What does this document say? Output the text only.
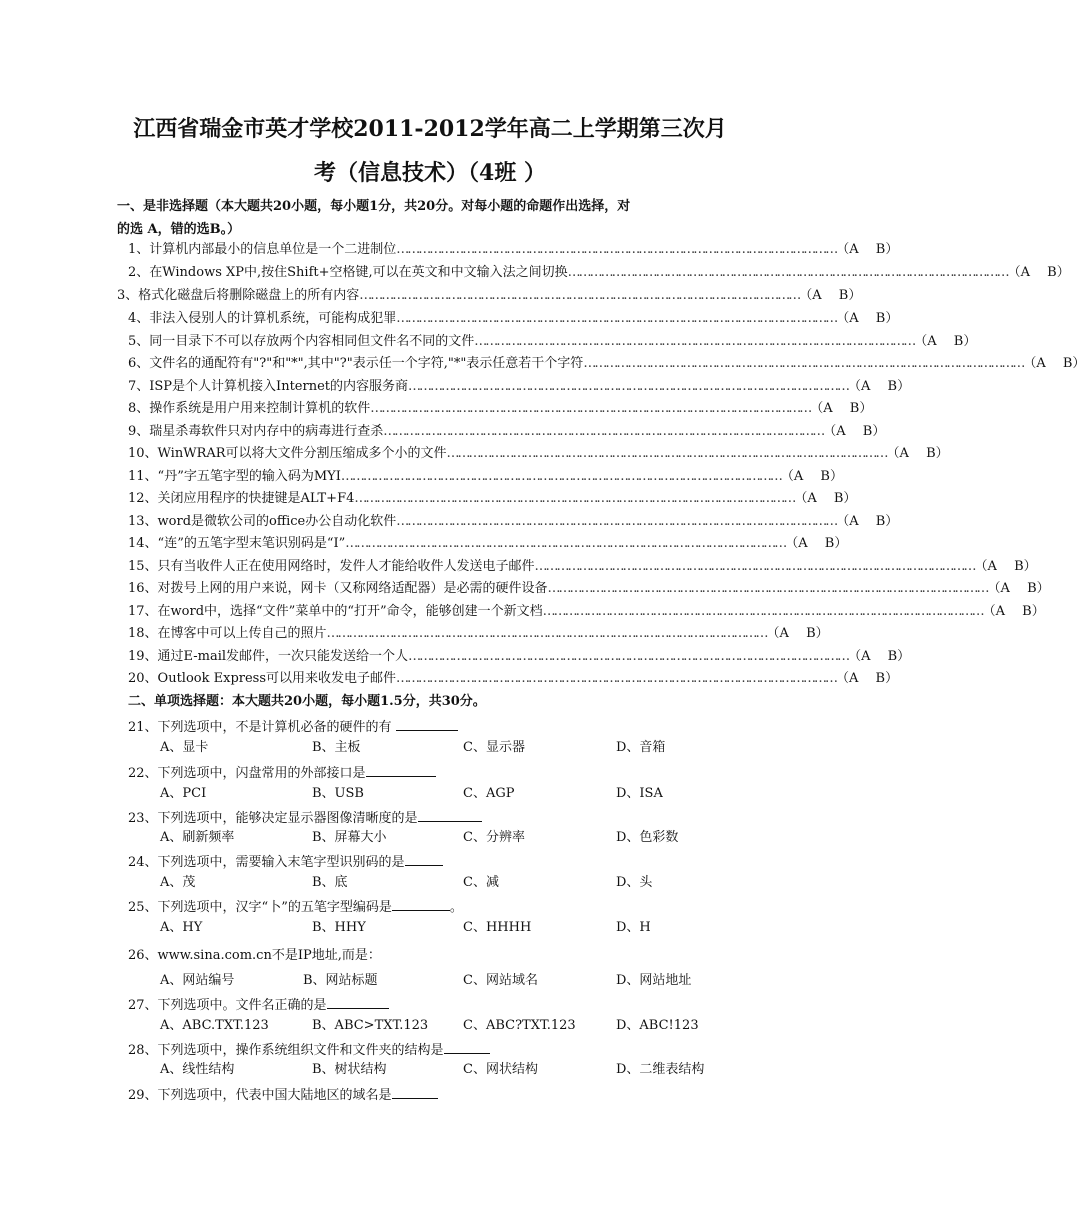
江西省瑞金市英才学校2011-2012学年高二上学期第三次月
考（信息技术）（4班 ）
一、是非选择题（本大题共20小题，每小题1分，共20分。对每小题的命题作出选择，对
的选 A，错的选B。）
1、计算机内部最小的信息单位是一个二进制位 ………………………………………………………………………………………………………… （A　 B）
2、在Windows XP中,按住Shift+空格键,可以在英文和中文输入法之间切换 ………………………………………………………………………………………………………… （A　 B）
3、格式化磁盘后将删除磁盘上的所有内容 ………………………………………………………………………………………………………… （A　 B）
4、非法入侵别人的计算机系统，可能构成犯罪 ………………………………………………………………………………………………………… （A　 B）
5、同一目录下不可以存放两个内容相同但文件名不同的文件 ………………………………………………………………………………………………………… （A　 B）
6、文件名的通配符有"?"和"*",其中"?"表示任一个字符,"*"表示任意若干个字符 ………………………………………………………………………………………………………… （A　 B）
7、ISP是个人计算机接入Internet的内容服务商 ………………………………………………………………………………………………………… （A　 B）
8、操作系统是用户用来控制计算机的软件 ………………………………………………………………………………………………………… （A　 B）
9、瑞星杀毒软件只对内存中的病毒进行查杀 ………………………………………………………………………………………………………… （A　 B）
10、WinWRAR可以将大文件分割压缩成多个小的文件 ………………………………………………………………………………………………………… （A　 B）
11、“丹”字五笔字型的输入码为MYI ………………………………………………………………………………………………………… （A　 B）
12、关闭应用程序的快捷键是ALT+F4 ………………………………………………………………………………………………………… （A　 B）
13、word是微软公司的office办公自动化软件 ………………………………………………………………………………………………………… （A　 B）
14、“连”的五笔字型末笔识别码是“I” ………………………………………………………………………………………………………… （A　 B）
15、只有当收件人正在使用网络时，发件人才能给收件人发送电子邮件 ………………………………………………………………………………………………………… （A　 B）
16、对拨号上网的用户来说，网卡（又称网络适配器）是必需的硬件设备 ………………………………………………………………………………………………………… （A　 B）
17、在word中，选择“文件”菜单中的“打开”命令，能够创建一个新文档 ………………………………………………………………………………………………………… （A　 B）
18、在博客中可以上传自己的照片 ………………………………………………………………………………………………………… （A　 B）
19、通过E-mail发邮件，一次只能发送给一个人 ………………………………………………………………………………………………………… （A　 B）
20、Outlook Express可以用来收发电子邮件 ………………………………………………………………………………………………………… （A　 B）
二、单项选择题：本大题共20小题，每小题1.5分，共30分。
21、下列选项中，不是计算机必备的硬件的有
A、显卡	B、主板	C、显示器	D、音箱
22、下列选项中，闪盘常用的外部接口是
A、PCI	B、USB	C、AGP	D、ISA
23、下列选项中，能够决定显示器图像清晰度的是
A、刷新频率	B、屏幕大小	C、分辨率	D、色彩数
24、下列选项中，需要输入末笔字型识别码的是
A、茂	B、底	C、减	D、头
25、下列选项中，汉字“卜”的五笔字型编码是	。
A、HY	B、HHY	C、HHHH	D、H
26、www.sina.com.cn不是IP地址,而是：
A、网站编号	B、网站标题	C、网站域名	D、网站地址
27、下列选项中。文件名正确的是
A、ABC.TXT.123	B、ABC>TXT.123	C、ABC?TXT.123	D、ABC!123
28、下列选项中，操作系统组织文件和文件夹的结构是
A、线性结构	B、树状结构	C、网状结构	D、二维表结构
29、下列选项中，代表中国大陆地区的域名是
